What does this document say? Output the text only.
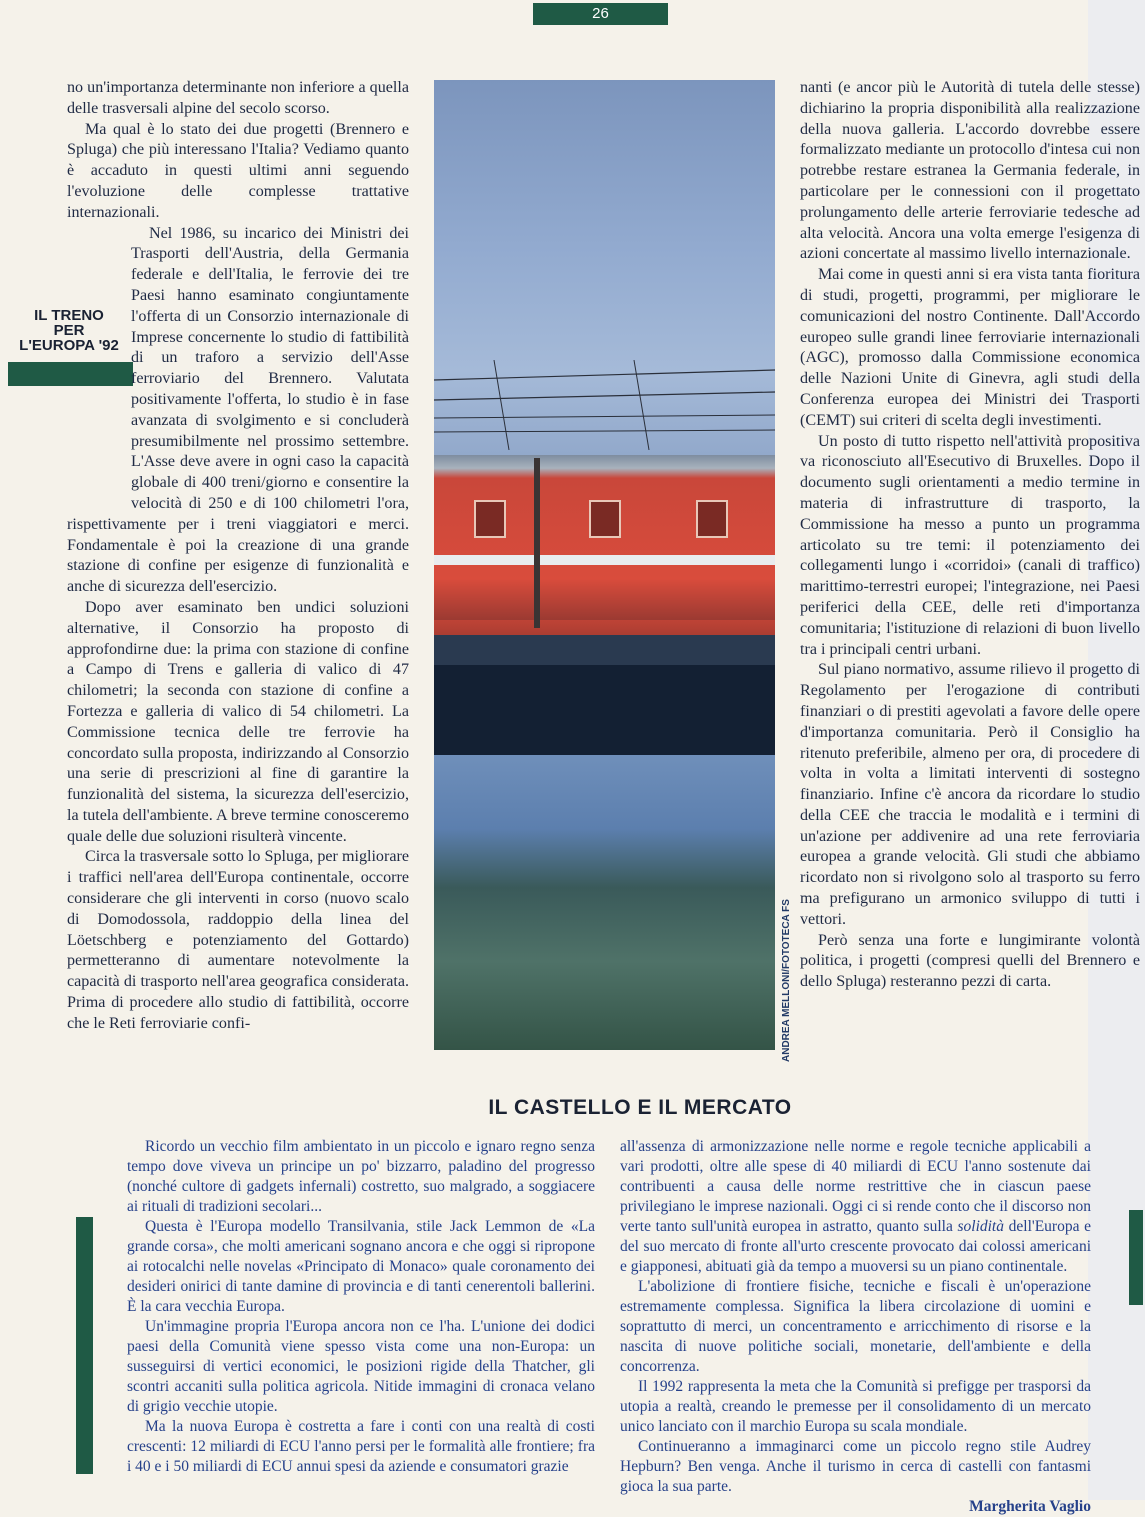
26
IL TRENO
PER
L'EUROPA '92

no un'importanza determinante non inferiore a quella delle trasversali alpine del secolo scorso.

Ma qual è lo stato dei due progetti (Brennero e Spluga) che più interessano l'Italia? Vediamo quanto è accaduto in questi ultimi anni seguendo l'evoluzione delle complesse trattative internazionali.

Nel 1986, su incarico dei Ministri dei Trasporti dell'Austria, della Germania federale e dell'Italia, le ferrovie dei tre Paesi hanno esaminato congiuntamente l'offerta di un Consorzio internazionale di Imprese concernente lo studio di fattibilità di un traforo a servizio dell'Asse ferroviario del Brennero. Valutata positivamente l'offerta, lo studio è in fase avanzata di svolgimento e si concluderà presumibilmente nel prossimo settembre. L'Asse deve avere in ogni caso la capacità globale di 400 treni/giorno e consentire la velocità di 250 e di 100 chilometri l'ora, rispettivamente per i treni viaggiatori e merci. Fondamentale è poi la creazione di una grande stazione di confine per esigenze di funzionalità e anche di sicurezza dell'esercizio.

Dopo aver esaminato ben undici soluzioni alternative, il Consorzio ha proposto di approfondirne due: la prima con stazione di confine a Campo di Trens e galleria di valico di 47 chilometri; la seconda con stazione di confine a Fortezza e galleria di valico di 54 chilometri. La Commissione tecnica delle tre ferrovie ha concordato sulla proposta, indirizzando al Consorzio una serie di prescrizioni al fine di garantire la funzionalità del sistema, la sicurezza dell'esercizio, la tutela dell'ambiente. A breve termine conosceremo quale delle due soluzioni risulterà vincente.

Circa la trasversale sotto lo Spluga, per migliorare i traffici nell'area dell'Europa continentale, occorre considerare che gli interventi in corso (nuovo scalo di Domodossola, raddoppio della linea del Löetschberg e potenziamento del Gottardo) permetteranno di aumentare notevolmente la capacità di trasporto nell'area geografica considerata. Prima di procedere allo studio di fattibilità, occorre che le Reti ferroviarie confi-	ANDREA MELLONI/FOTOTECA FS

nanti (e ancor più le Autorità di tutela delle stesse) dichiarino la propria disponibilità alla realizzazione della nuova galleria. L'accordo dovrebbe essere formalizzato mediante un protocollo d'intesa cui non potrebbe restare estranea la Germania federale, in particolare per le connessioni con il progettato prolungamento delle arterie ferroviarie tedesche ad alta velocità. Ancora una volta emerge l'esigenza di azioni concertate al massimo livello internazionale.

Mai come in questi anni si era vista tanta fioritura di studi, progetti, programmi, per migliorare le comunicazioni del nostro Continente. Dall'Accordo europeo sulle grandi linee ferroviarie internazionali (AGC), promosso dalla Commissione economica delle Nazioni Unite di Ginevra, agli studi della Conferenza europea dei Ministri dei Trasporti (CEMT) sui criteri di scelta degli investimenti.

Un posto di tutto rispetto nell'attività propositiva va riconosciuto all'Esecutivo di Bruxelles. Dopo il documento sugli orientamenti a medio termine in materia di infrastrutture di trasporto, la Commissione ha messo a punto un programma articolato su tre temi: il potenziamento dei collegamenti lungo i «corridoi» (canali di traffico) marittimo-terrestri europei; l'integrazione, nei Paesi periferici della CEE, delle reti d'importanza comunitaria; l'istituzione di relazioni di buon livello tra i principali centri urbani.

Sul piano normativo, assume rilievo il progetto di Regolamento per l'erogazione di contributi finanziari o di prestiti agevolati a favore delle opere d'importanza comunitaria. Però il Consiglio ha ritenuto preferibile, almeno per ora, di procedere di volta in volta a limitati interventi di sostegno finanziario. Infine c'è ancora da ricordare lo studio della CEE che traccia le modalità e i termini di un'azione per addivenire ad una rete ferroviaria europea a grande velocità. Gli studi che abbiamo ricordato non si rivolgono solo al trasporto su ferro ma prefigurano un armonico sviluppo di tutti i vettori.

Però senza una forte e lungimirante volontà politica, i progetti (compresi quelli del Brennero e dello Spluga) resteranno pezzi di carta.

IL CASTELLO E IL MERCATO

Ricordo un vecchio film ambientato in un piccolo e ignaro regno senza tempo dove viveva un principe un po' bizzarro, paladino del progresso (nonché cultore di gadgets infernali) costretto, suo malgrado, a soggiacere ai rituali di tradizioni secolari...

Questa è l'Europa modello Transilvania, stile Jack Lemmon de «La grande corsa», che molti americani sognano ancora e che oggi si ripropone ai rotocalchi nelle novelas «Principato di Monaco» quale coronamento dei desideri onirici di tante damine di provincia e di tanti cenerentoli ballerini. È la cara vecchia Europa.

Un'immagine propria l'Europa ancora non ce l'ha. L'unione dei dodici paesi della Comunità viene spesso vista come una non-Europa: un susseguirsi di vertici economici, le posizioni rigide della Thatcher, gli scontri accaniti sulla politica agricola. Nitide immagini di cronaca velano di grigio vecchie utopie.

Ma la nuova Europa è costretta a fare i conti con una realtà di costi crescenti: 12 miliardi di ECU l'anno persi per le formalità alle frontiere; fra i 40 e i 50 miliardi di ECU annui spesi da aziende e consumatori grazie

all'assenza di armonizzazione nelle norme e regole tecniche applicabili a vari prodotti, oltre alle spese di 40 miliardi di ECU l'anno sostenute dai contribuenti a causa delle norme restrittive che in ciascun paese privilegiano le imprese nazionali. Oggi ci si rende conto che il discorso non verte tanto sull'unità europea in astratto, quanto sulla solidità dell'Europa e del suo mercato di fronte all'urto crescente provocato dai colossi americani e giapponesi, abituati già da tempo a muoversi su un piano continentale.

L'abolizione di frontiere fisiche, tecniche e fiscali è un'operazione estremamente complessa. Significa la libera circolazione di uomini e soprattutto di merci, un concentramento e arricchimento di risorse e la nascita di nuove politiche sociali, monetarie, dell'ambiente e della concorrenza.

Il 1992 rappresenta la meta che la Comunità si prefigge per trasporsi da utopia a realtà, creando le premesse per il consolidamento di un mercato unico lanciato con il marchio Europa su scala mondiale.

Continueranno a immaginarci come un piccolo regno stile Audrey Hepburn? Ben venga. Anche il turismo in cerca di castelli con fantasmi gioca la sua parte.

Margherita Vaglio
